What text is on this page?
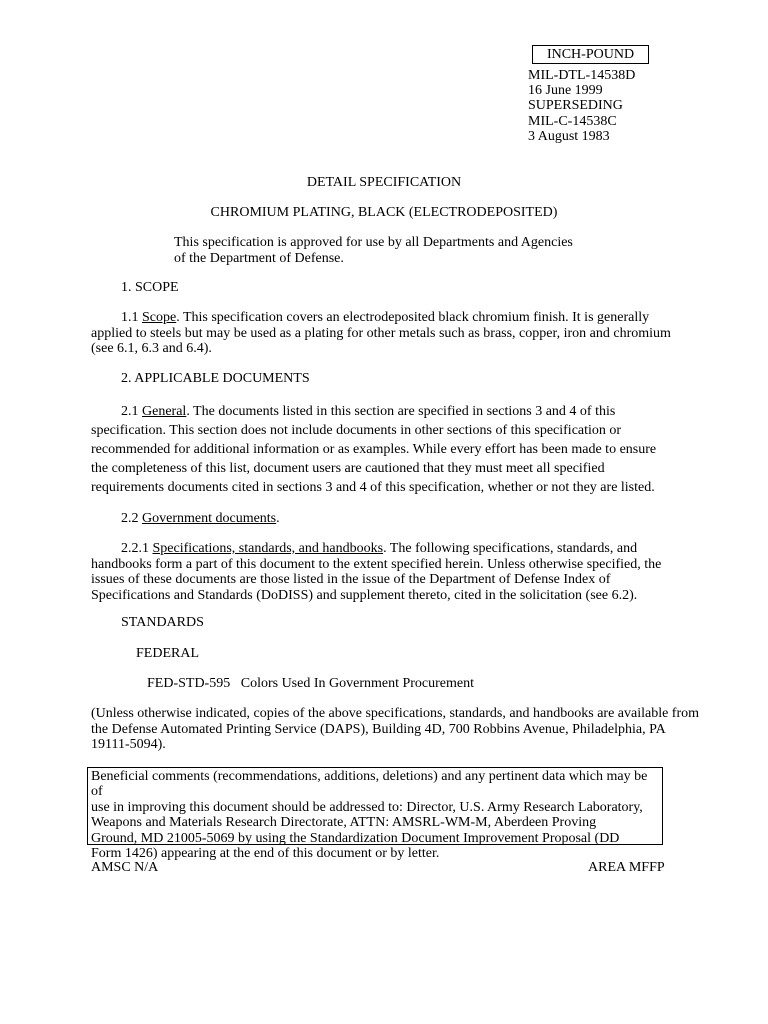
INCH-POUND
MIL-DTL-14538D
16 June 1999
SUPERSEDING
MIL-C-14538C
3 August 1983
DETAIL SPECIFICATION
CHROMIUM PLATING, BLACK (ELECTRODEPOSITED)
This specification is approved for use by all Departments and Agencies
of the Department of Defense.
1. SCOPE
1.1 Scope. This specification covers an electrodeposited black chromium finish. It is generally
applied to steels but may be used as a plating for other metals such as brass, copper, iron and chromium
(see 6.1, 6.3 and 6.4).
2. APPLICABLE DOCUMENTS
2.1 General. The documents listed in this section are specified in sections 3 and 4 of this
specification. This section does not include documents in other sections of this specification or
recommended for additional information or as examples. While every effort has been made to ensure
the completeness of this list, document users are cautioned that they must meet all specified
requirements documents cited in sections 3 and 4 of this specification, whether or not they are listed.
2.2 Government documents.
2.2.1 Specifications, standards, and handbooks. The following specifications, standards, and
handbooks form a part of this document to the extent specified herein. Unless otherwise specified, the
issues of these documents are those listed in the issue of the Department of Defense Index of
Specifications and Standards (DoDISS) and supplement thereto, cited in the solicitation (see 6.2).
STANDARDS
FEDERAL
FED-STD-595 Colors Used In Government Procurement
(Unless otherwise indicated, copies of the above specifications, standards, and handbooks are available from
the Defense Automated Printing Service (DAPS), Building 4D, 700 Robbins Avenue, Philadelphia, PA
19111-5094).
Beneficial comments (recommendations, additions, deletions) and any pertinent data which may be of
use in improving this document should be addressed to: Director, U.S. Army Research Laboratory,
Weapons and Materials Research Directorate, ATTN: AMSRL-WM-M, Aberdeen Proving
Ground, MD 21005-5069 by using the Standardization Document Improvement Proposal (DD
Form 1426) appearing at the end of this document or by letter.
AMSC N/A	AREA MFFP
